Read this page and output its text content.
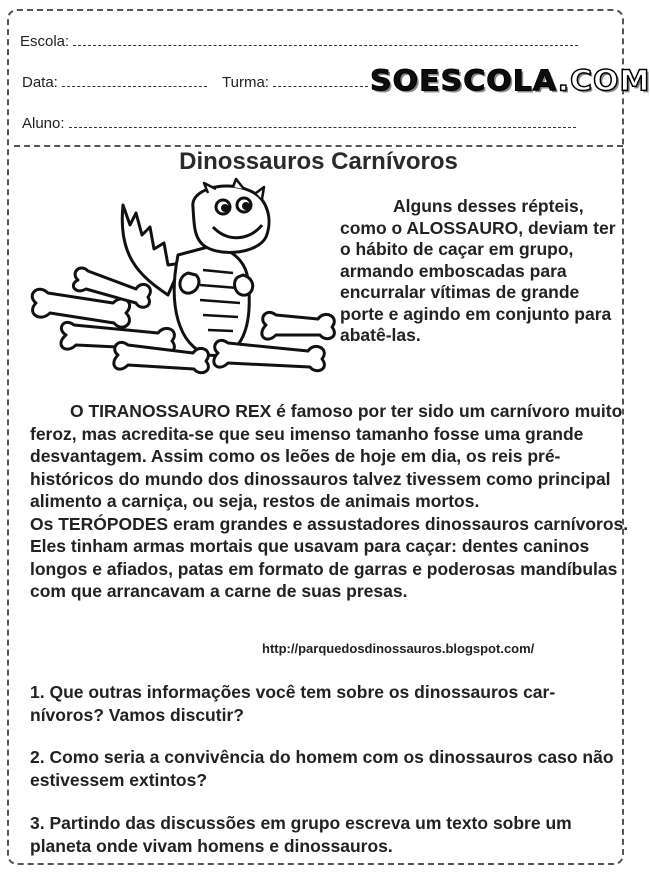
Escola:
Data:	Turma:	SOESCOLA.COM
Aluno:
Dinossauros Carnívoros
Alguns desses répteis,
como o ALOSSAURO, deviam ter o hábito de caçar em grupo, armando emboscadas para encurralar vítimas de grande porte e agindo em conjunto para abatê-las.
O TIRANOSSAURO REX é famoso por ter sido um carnívoro muito feroz, mas acredita-se que seu imenso tamanho fosse uma grande desvantagem. Assim como os leões de hoje em dia, os reis pré-históricos do mundo dos dinossauros talvez tivessem como principal alimento a carniça, ou seja, restos de animais mortos.
Os TERÓPODES eram grandes e assustadores dinossauros carnívoros. Eles tinham armas mortais que usavam para caçar: dentes caninos longos e afiados, patas em formato de garras e poderosas mandíbulas com que arrancavam a carne de suas presas.
http://parquedosdinossauros.blogspot.com/
1. Que outras informações você tem sobre os dinossauros car-nívoros? Vamos discutir?
2. Como seria a convivência do homem com os dinossauros caso não estivessem extintos?
3. Partindo das discussões em grupo escreva um texto sobre um planeta onde vivam homens e dinossauros.
